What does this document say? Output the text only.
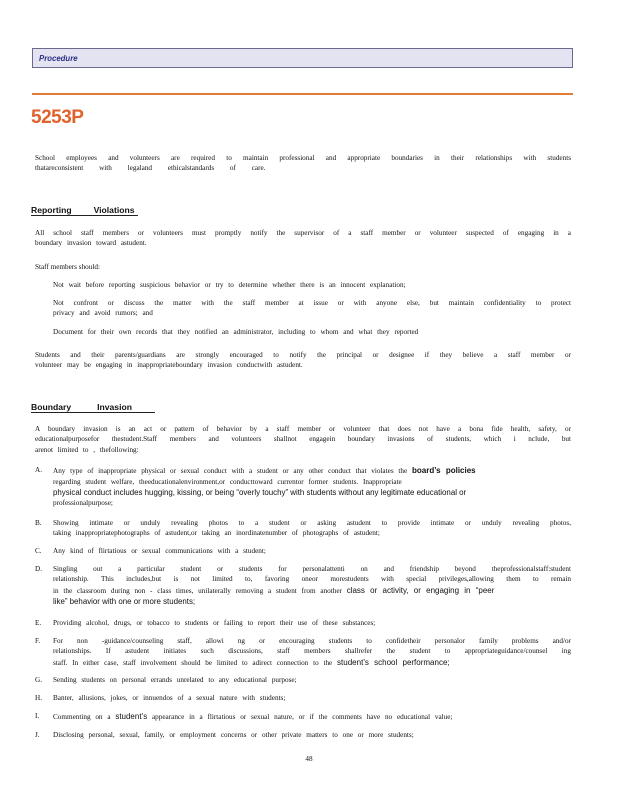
Procedure
5253P
School employees and volunteers are required to maintain professional and appropriate boundaries in their relationships with students
thatareconsistent with legaland ethicalstandards of care.
Reporting	Violations
All school staff members or volunteers must promptly notify the supervisor of a staff member or volunteer suspected of engaging in a
boundary invasion toward astudent.
Staff members should:
Not wait before reporting suspicious behavior or try to determine whether there is an innocent explanation;
Not confront or discuss the matter with the staff member at issue or with anyone else, but maintain confidentiality to protect
privacy and avoid rumors; and
Document for their own records that they notified an administrator, including to whom and what they reported
Students and their parents/guardians are strongly encouraged to notify the principal or designee if they believe a staff member or
volunteer may be engaging in inappropriateboundary invasion conductwith astudent.
Boundary	Invasion
A boundary invasion is an act or pattern of behavior by a staff member or volunteer that does not have a bona fide health, safety, or
educationalpurposefor thestudent.Staff members and volunteers shallnot engagein boundary invasions of students, which i nclude, but
arenot limited to , thefollowing:
A.	Any type of inappropriate physical or sexual conduct with a student or any other conduct that violates the board’s policies
regarding student welfare, theeducationalenvironment,or conducttoward currentor former students. Inappropriate
physical conduct includes hugging, kissing, or being “overly touchy” with students without any legitimate educational or
professionalpurpose;
B.	Showing intimate or unduly revealing photos to a student or asking astudent to provide intimate or unduly revealing photos,
taking inappropriatephotographs of astudent,or taking an inordinatenumber of photographs of astudent;
C.	Any kind of flirtatious or sexual communications with a student;
D.	Singling out a particular student or students for personalattenti on and friendship beyond theprofessionalstaff:student
relationship. This includes,but is not limited to, favoring oneor morestudents with special privileges,allowing them to remain
in the classroom during non - class times, unilaterally removing a student from another class or activity, or engaging in “peer
like” behavior with one or more students;
E.	Providing alcohol, drugs, or tobacco to students or failing to report their use of these substances;
F.	For non -guidance/counseling staff, allowi ng or encouraging students to confidetheir personalor family problems and/or
relationships. If astudent initiates such discussions, staff members shallrefer the student to appropriateguidance/counsel ing
staff. In either case, staff involvement should be limited to adirect connection to the student’s school performance;
G.	Sending students on personal errands unrelated to any educational purpose;
H.	Banter, allusions, jokes, or innuendos of a sexual nature with students;
I.	Commenting on a student’s appearance in a flirtatious or sexual nature, or if the comments have no educational value;
J.	Disclosing personal, sexual, family, or employment concerns or other private matters to one or more students;
48
